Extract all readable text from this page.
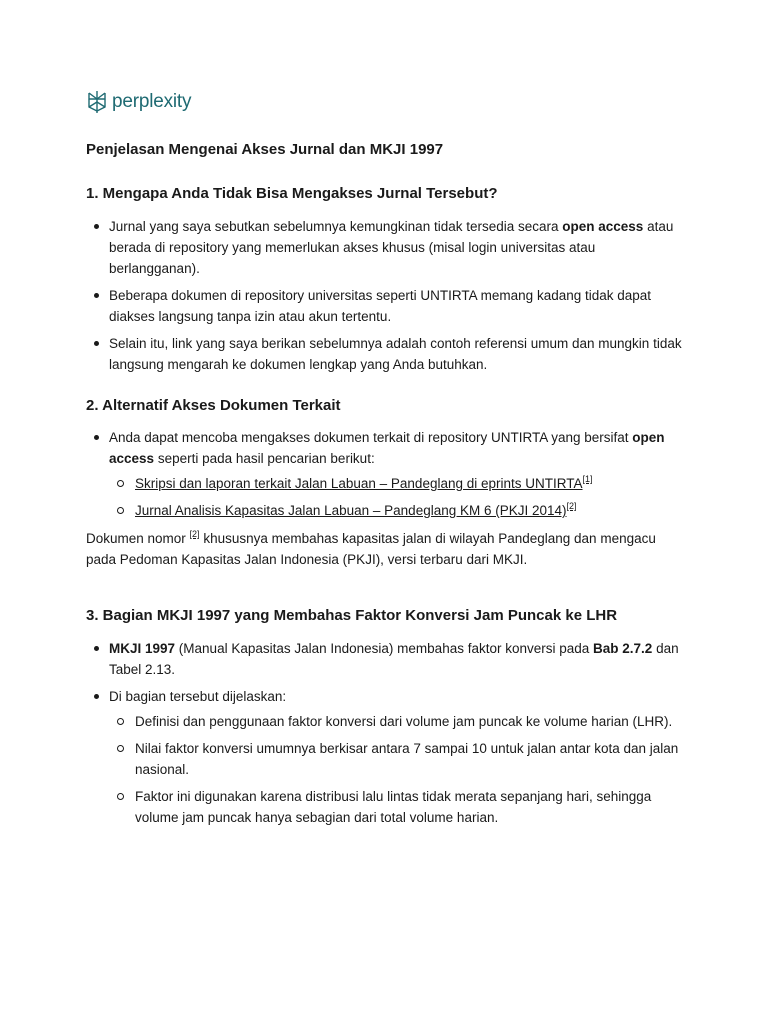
perplexity
Penjelasan Mengenai Akses Jurnal dan MKJI 1997
1. Mengapa Anda Tidak Bisa Mengakses Jurnal Tersebut?
Jurnal yang saya sebutkan sebelumnya kemungkinan tidak tersedia secara open access atau berada di repository yang memerlukan akses khusus (misal login universitas atau berlangganan).
Beberapa dokumen di repository universitas seperti UNTIRTA memang kadang tidak dapat diakses langsung tanpa izin atau akun tertentu.
Selain itu, link yang saya berikan sebelumnya adalah contoh referensi umum dan mungkin tidak langsung mengarah ke dokumen lengkap yang Anda butuhkan.
2. Alternatif Akses Dokumen Terkait
Anda dapat mencoba mengakses dokumen terkait di repository UNTIRTA yang bersifat open access seperti pada hasil pencarian berikut:
Skripsi dan laporan terkait Jalan Labuan – Pandeglang di eprints UNTIRTA[1]
Jurnal Analisis Kapasitas Jalan Labuan – Pandeglang KM 6 (PKJI 2014)[2]

Dokumen nomor [2] khususnya membahas kapasitas jalan di wilayah Pandeglang dan mengacu pada Pedoman Kapasitas Jalan Indonesia (PKJI), versi terbaru dari MKJI.

3. Bagian MKJI 1997 yang Membahas Faktor Konversi Jam Puncak ke LHR
MKJI 1997 (Manual Kapasitas Jalan Indonesia) membahas faktor konversi pada Bab 2.7.2 dan Tabel 2.13.
Di bagian tersebut dijelaskan:
Definisi dan penggunaan faktor konversi dari volume jam puncak ke volume harian (LHR).
Nilai faktor konversi umumnya berkisar antara 7 sampai 10 untuk jalan antar kota dan jalan nasional.
Faktor ini digunakan karena distribusi lalu lintas tidak merata sepanjang hari, sehingga volume jam puncak hanya sebagian dari total volume harian.
